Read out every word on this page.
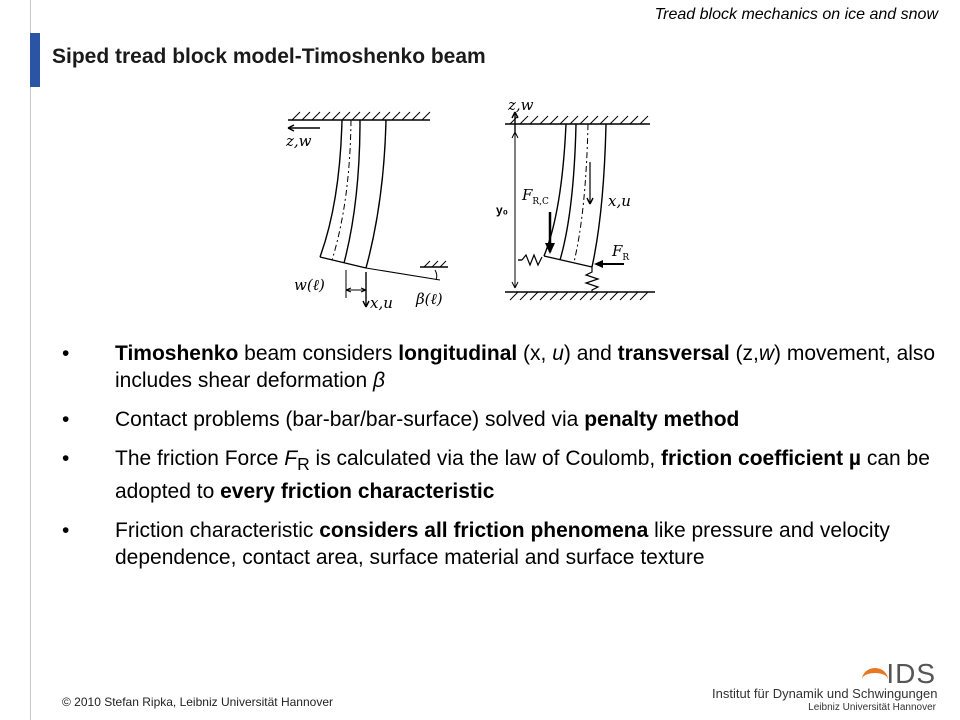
Tread block mechanics on ice and snow
Siped tread block model-Timoshenko beam
z,w
w(ℓ)
x,u β(ℓ)
z,w
x,u
$F_{R,C}$
$F_R$
y₀
• Timoshenko beam considers longitudinal (x, u) and transversal (z,w) movement, also includes shear deformation β
• Contact problems (bar-bar/bar-surface) solved via penalty method
• The friction Force $F_R$ is calculated via the law of Coulomb, friction coefficient µ can be adopted to every friction characteristic
• Friction characteristic considers all friction phenomena like pressure and velocity dependence, contact area, surface material and surface texture
© 2010 Stefan Ripka, Leibniz Universität Hannover
IDS
Institut für Dynamik und Schwingungen
Leibniz Universität Hannover
